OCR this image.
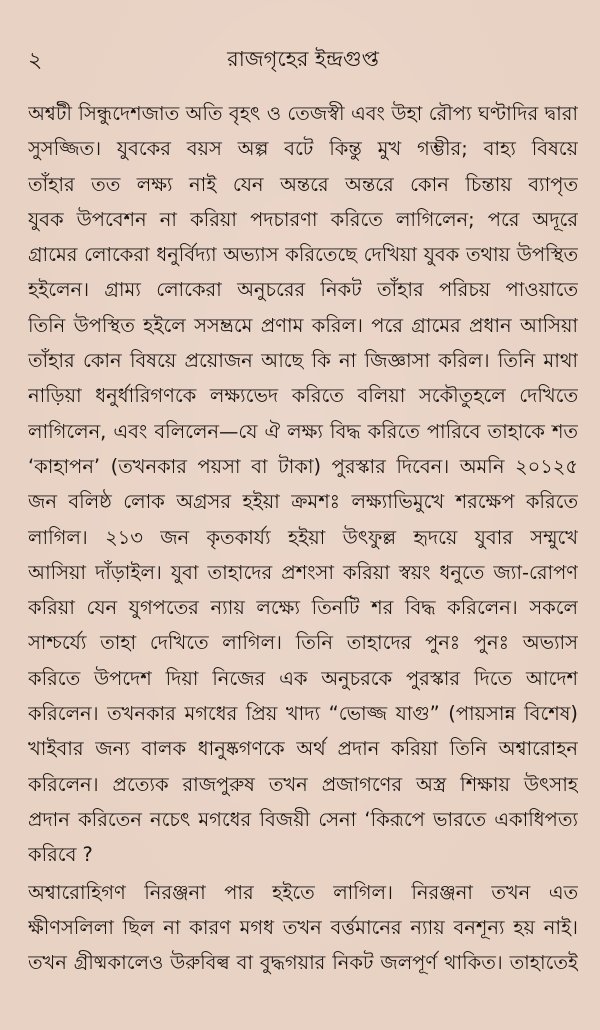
২	রাজগৃহের ইন্দ্রগুপ্ত

অশ্বটী সিন্ধুদেশজাত অতি বৃহৎ ও তেজস্বী এবং উহা রৌপ্য ঘণ্টাদির দ্বারা
সুসজ্জিত। যুবকের বয়স অল্প বটে কিন্তু মুখ গম্ভীর; বাহ্য বিষয়ে
তাঁহার তত লক্ষ্য নাই যেন অন্তরে অন্তরে কোন চিন্তায় ব্যাপৃত
যুবক উপবেশন না করিয়া পদচারণা করিতে লাগিলেন; পরে অদূরে
গ্রামের লোকেরা ধনুর্বিদ্যা অভ্যাস করিতেছে দেখিয়া যুবক তথায় উপস্থিত
হইলেন। গ্রাম্য লোকেরা অনুচরের নিকট তাঁহার পরিচয় পাওয়াতে
তিনি উপস্থিত হইলে সসম্ভ্রমে প্রণাম করিল। পরে গ্রামের প্রধান আসিয়া
তাঁহার কোন বিষয়ে প্রয়োজন আছে কি না জিজ্ঞাসা করিল। তিনি মাথা
নাড়িয়া ধনুর্ধারিগণকে লক্ষ্যভেদ করিতে বলিয়া সকৌতুহলে দেখিতে
লাগিলেন, এবং বলিলেন—যে ঐ লক্ষ্য বিদ্ধ করিতে পারিবে তাহাকে শত
‘কাহাপন’ (তখনকার পয়সা বা টাকা) পুরস্কার দিবেন। অমনি ২০১২৫
জন বলিষ্ঠ লোক অগ্রসর হইয়া ক্রমশঃ লক্ষ্যাভিমুখে শরক্ষেপ করিতে
লাগিল। ২১৩ জন কৃতকার্য্য হইয়া উৎফুল্ল হৃদয়ে যুবার সম্মুখে
আসিয়া দাঁড়াইল। যুবা তাহাদের প্রশংসা করিয়া স্বয়ং ধনুতে জ্যা-রোপণ
করিয়া যেন যুগপতের ন্যায় লক্ষ্যে তিনটি শর বিদ্ধ করিলেন। সকলে
সাশ্চর্য্যে তাহা দেখিতে লাগিল। তিনি তাহাদের পুনঃ পুনঃ অভ্যাস
করিতে উপদেশ দিয়া নিজের এক অনুচরকে পুরস্কার দিতে আদেশ
করিলেন। তখনকার মগধের প্রিয় খাদ্য “ভোজ্জ যাগু” (পায়সান্ন বিশেষ)
খাইবার জন্য বালক ধানুষ্কগণকে অর্থ প্রদান করিয়া তিনি অশ্বারোহন
করিলেন। প্রত্যেক রাজপুরুষ তখন প্রজাগণের অস্ত্র শিক্ষায় উৎসাহ
প্রদান করিতেন নচেৎ মগধের বিজয়ী সেনা ‘কিরূপে ভারতে একাধিপত্য
করিবে ?

অশ্বারোহিগণ নিরঞ্জনা পার হইতে লাগিল। নিরঞ্জনা তখন এত
ক্ষীণসলিলা ছিল না কারণ মগধ তখন বর্ত্তমানের ন্যায় বনশূন্য হয় নাই।
তখন গ্রীষ্মকালেও উরুবিল্ব বা বুদ্ধগয়ার নিকট জলপূর্ণ থাকিত। তাহাতেই
